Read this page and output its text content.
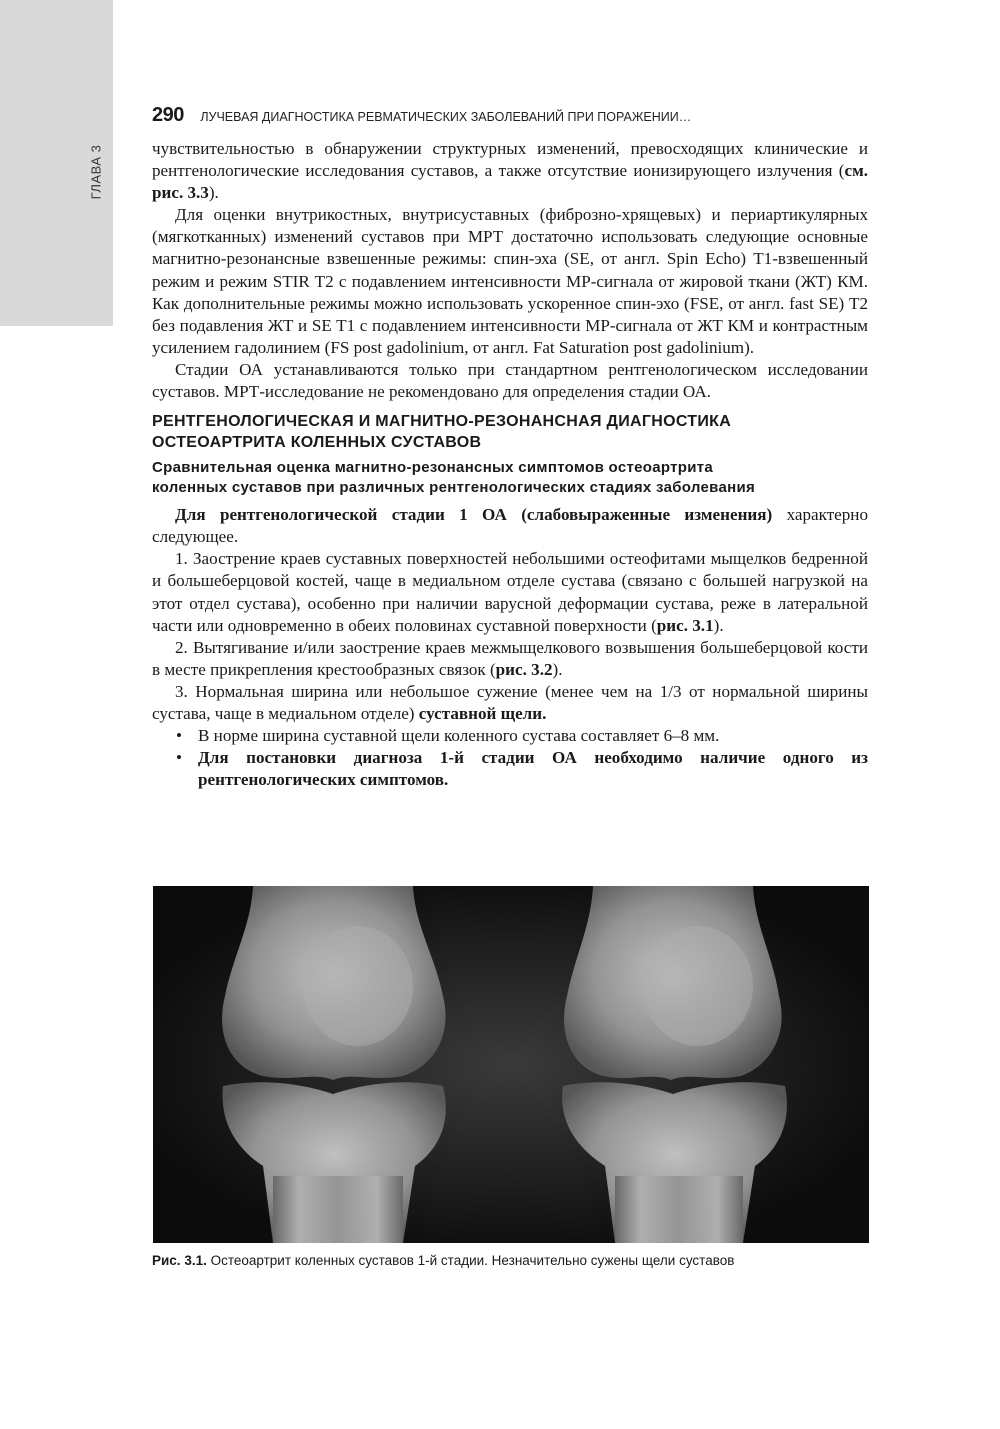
ГЛАВА 3
290 ЛУЧЕВАЯ ДИАГНОСТИКА РЕВМАТИЧЕСКИХ ЗАБОЛЕВАНИЙ ПРИ ПОРАЖЕНИИ…

чувствительностью в обнаружении структурных изменений, превосходящих клинические и рентгенологические исследования суставов, а также отсутствие ионизирующего излучения (см. рис. 3.3).

Для оценки внутрикостных, внутрисуставных (фиброзно-хрящевых) и периартикулярных (мягкотканных) изменений суставов при МРТ достаточно использовать следующие основные магнитно-резонансные взвешенные режимы: спин-эха (SE, от англ. Spin Echo) T1-взвешенный режим и режим STIR T2 с подавлением интенсивности МР-сигнала от жировой ткани (ЖТ) КМ. Как дополнительные режимы можно использовать ускоренное спин-эхо (FSE, от англ. fast SE) T2 без подавления ЖТ и SE T1 с подавлением интенсивности МР-сигнала от ЖТ КМ и контрастным усилением гадолинием (FS post gadolinium, от англ. Fat Saturation post gadolinium).

Стадии ОА устанавливаются только при стандартном рентгенологическом исследовании суставов. МРТ-исследование не рекомендовано для определения стадии ОА.

РЕНТГЕНОЛОГИЧЕСКАЯ И МАГНИТНО-РЕЗОНАНСНАЯ ДИАГНОСТИКА
ОСТЕОАРТРИТА КОЛЕННЫХ СУСТАВОВ
Сравнительная оценка магнитно-резонансных симптомов остеоартрита
коленных суставов при различных рентгенологических стадиях заболевания

Для рентгенологической стадии 1 ОА (слабовыраженные изменения) характерно следующее.

1. Заострение краев суставных поверхностей небольшими остеофитами мыщелков бедренной и большеберцовой костей, чаще в медиальном отделе сустава (связано с большей нагрузкой на этот отдел сустава), особенно при наличии варусной деформации сустава, реже в латеральной части или одновременно в обеих половинах суставной поверхности (рис. 3.1).

2. Вытягивание и/или заострение краев межмыщелкового возвышения большеберцовой кости в месте прикрепления крестообразных связок (рис. 3.2).

3. Нормальная ширина или небольшое сужение (менее чем на 1/3 от нормальной ширины сустава, чаще в медиальном отделе) суставной щели.

• В норме ширина суставной щели коленного сустава составляет 6–8 мм.
• Для постановки диагноза 1-й стадии ОА необходимо наличие одного из рентгенологических симптомов.
Рис. 3.1. Остеоартрит коленных суставов 1-й стадии. Незначительно сужены щели суставов
